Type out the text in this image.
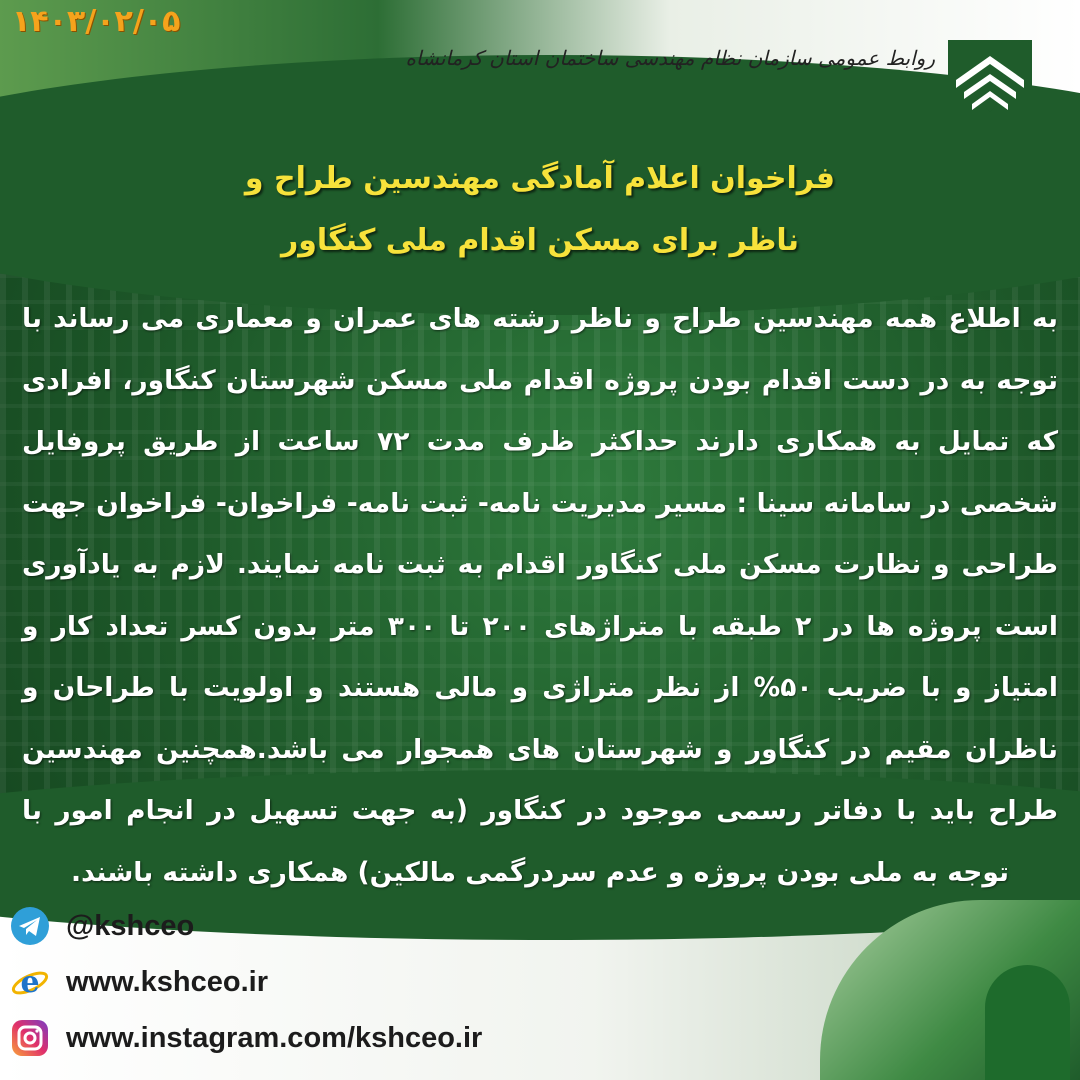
۱۴۰۳/۰۲/۰۵
روابط عمومی سازمان نظام مهندسی ساختمان استان کرمانشاه
فراخوان اعلام آمادگی مهندسین طراح و
ناظر برای مسکن اقدام ملی کنگاور
به اطلاع همه مهندسین طراح و ناظر رشته های عمران و معماری می رساند با توجه به در دست اقدام بودن پروژه اقدام ملی مسکن شهرستان کنگاور، افرادی که تمایل به همکاری دارند حداکثر ظرف مدت ۷۲ ساعت از طریق پروفایل شخصی در سامانه سینا : مسیر مدیریت نامه- ثبت نامه- فراخوان- فراخوان جهت طراحی و نظارت مسکن ملی کنگاور اقدام به ثبت نامه نمایند. لازم به یادآوری است پروژه ها در ۲ طبقه با متراژهای ۲۰۰ تا ۳۰۰ متر بدون کسر تعداد کار و امتیاز و با ضریب ۵۰% از نظر متراژی و مالی هستند و اولویت با طراحان و ناظران مقیم در کنگاور و شهرستان های همجوار می باشد.همچنین مهندسین طراح باید با دفاتر رسمی موجود در کنگاور (به جهت تسهیل در انجام امور با توجه به ملی بودن پروژه و عدم سردرگمی مالکین) همکاری داشته باشند.
@kshceo
e www.kshceo.ir
www.instagram.com/kshceo.ir
